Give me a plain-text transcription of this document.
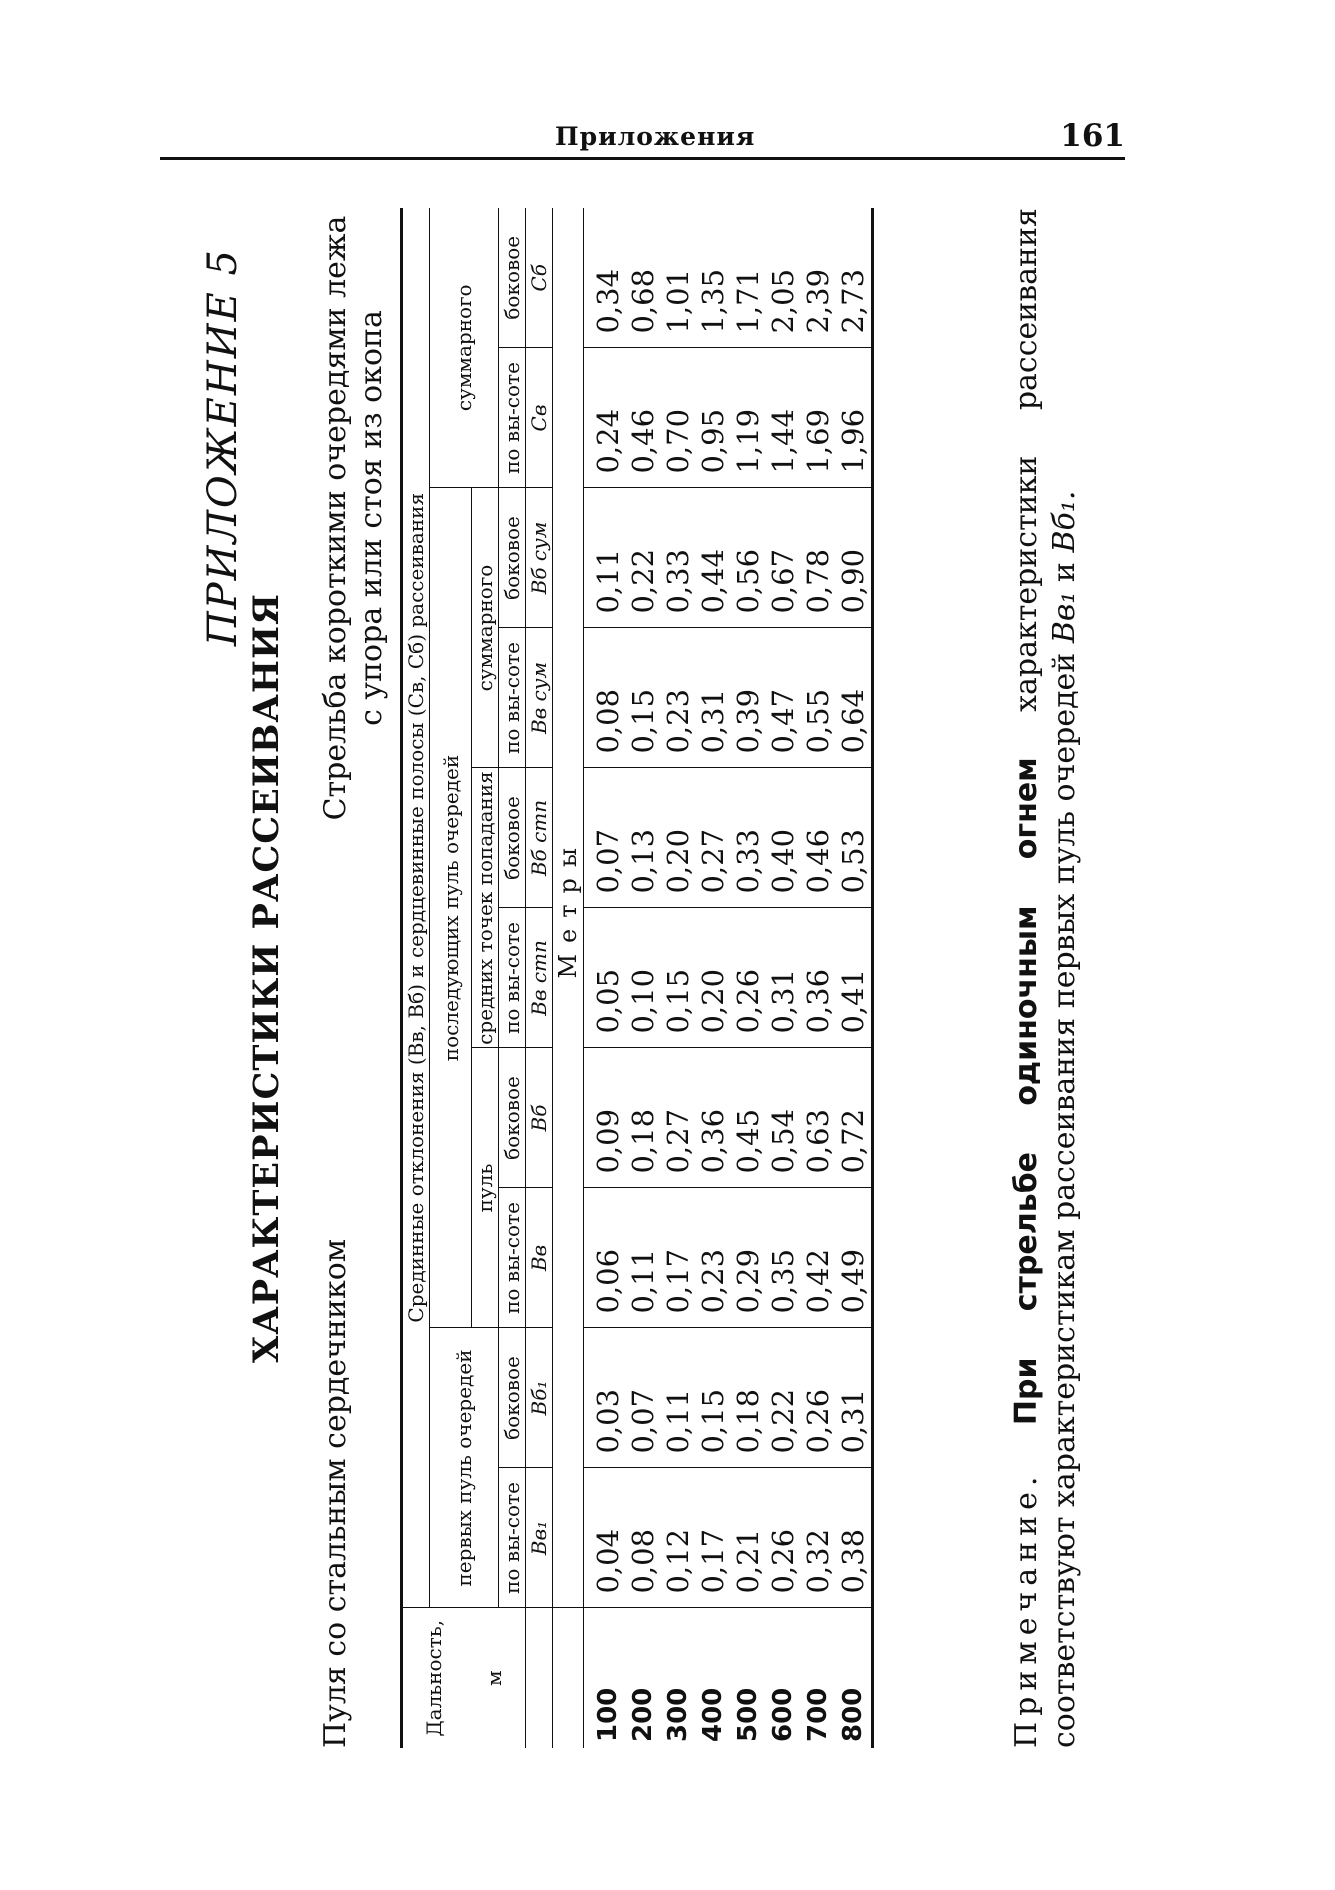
Приложения	161
ПРИЛОЖЕНИЕ 5
ХАРАКТЕРИСТИКИ РАССЕИВАНИЯ
Пуля со стальным сердечником
Стрельба короткими очередями лежа с упора или стоя из окопа
Дальность, м	Срединные отклонения (Вв, Вб) и сердцевинные полосы (Св, Сб) рассеивания									
	первых пуль очередей		последующих пуль очередей						суммарного	
			пуль		средних точек попадания		суммарного			
	по вы-соте	боковое	по вы-соте	боковое	по вы-соте	боковое	по вы-соте	боковое	по вы-соте	боковое
	Вв₁	Вб₁	Вв	Вб	Вв стп	Вб стп	Вв сум	Вб сум	Св	Сб
	Метры									
100	0,04	0,03	0,06	0,09	0,05	0,07	0,08	0,11	0,24	0,34
200	0,08	0,07	0,11	0,18	0,10	0,13	0,15	0,22	0,46	0,68
300	0,12	0,11	0,17	0,27	0,15	0,20	0,23	0,33	0,70	1,01
400	0,17	0,15	0,23	0,36	0,20	0,27	0,31	0,44	0,95	1,35
500	0,21	0,18	0,29	0,45	0,26	0,33	0,39	0,56	1,19	1,71
600	0,26	0,22	0,35	0,54	0,31	0,40	0,47	0,67	1,44	2,05
700	0,32	0,26	0,42	0,63	0,36	0,46	0,55	0,78	1,69	2,39
800	0,38	0,31	0,49	0,72	0,41	0,53	0,64	0,90	1,96	2,73
Примечание. При стрельбе одиночным огнем характеристики рассеивания соответствуют характеристикам рассеивания первых пуль очередей Вв₁ и Вб₁.
